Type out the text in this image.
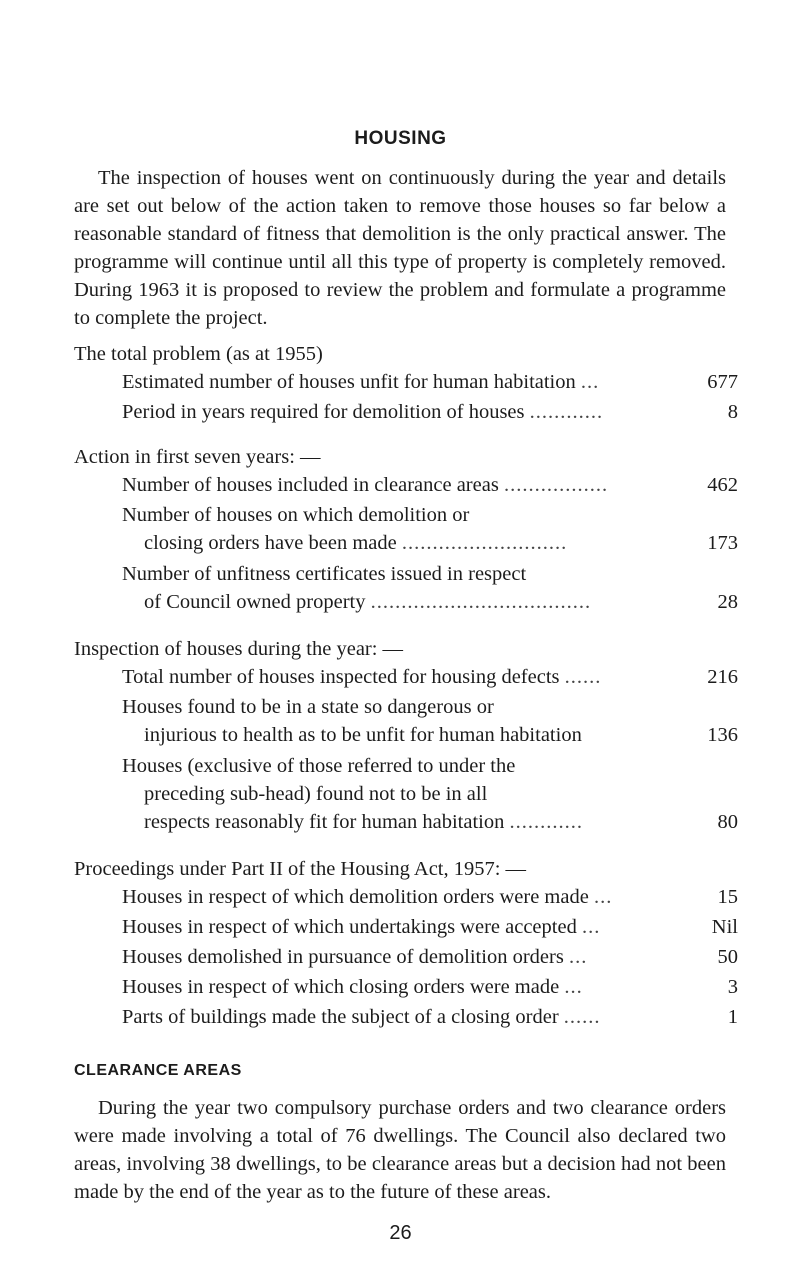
HOUSING
The inspection of houses went on continuously during the year and details are set out below of the action taken to remove those houses so far below a reasonable standard of fitness that demolition is the only practical answer. The programme will continue until all this type of property is completely removed. During 1963 it is proposed to review the problem and formulate a programme to complete the project.
The total problem (as at 1955)
Estimated number of houses unfit for human habitation ...	677
Period in years required for demolition of houses ............	8
Action in first seven years: —
Number of houses included in clearance areas .................	462
Number of houses on which demolition or
closing orders have been made ...........................	173
Number of unfitness certificates issued in respect
of Council owned property ....................................	28
Inspection of houses during the year: —
Total number of houses inspected for housing defects ......	216
Houses found to be in a state so dangerous or
injurious to health as to be unfit for human habitation	136
Houses (exclusive of those referred to under the
preceding sub-head) found not to be in all
respects reasonably fit for human habitation ............	80
Proceedings under Part II of the Housing Act, 1957: —
Houses in respect of which demolition orders were made ...	15
Houses in respect of which undertakings were accepted ...	Nil
Houses demolished in pursuance of demolition orders ...	50
Houses in respect of which closing orders were made ...	3
Parts of buildings made the subject of a closing order ......	1
CLEARANCE AREAS
During the year two compulsory purchase orders and two clearance orders were made involving a total of 76 dwellings. The Council also declared two areas, involving 38 dwellings, to be clearance areas but a decision had not been made by the end of the year as to the future of these areas.
26
